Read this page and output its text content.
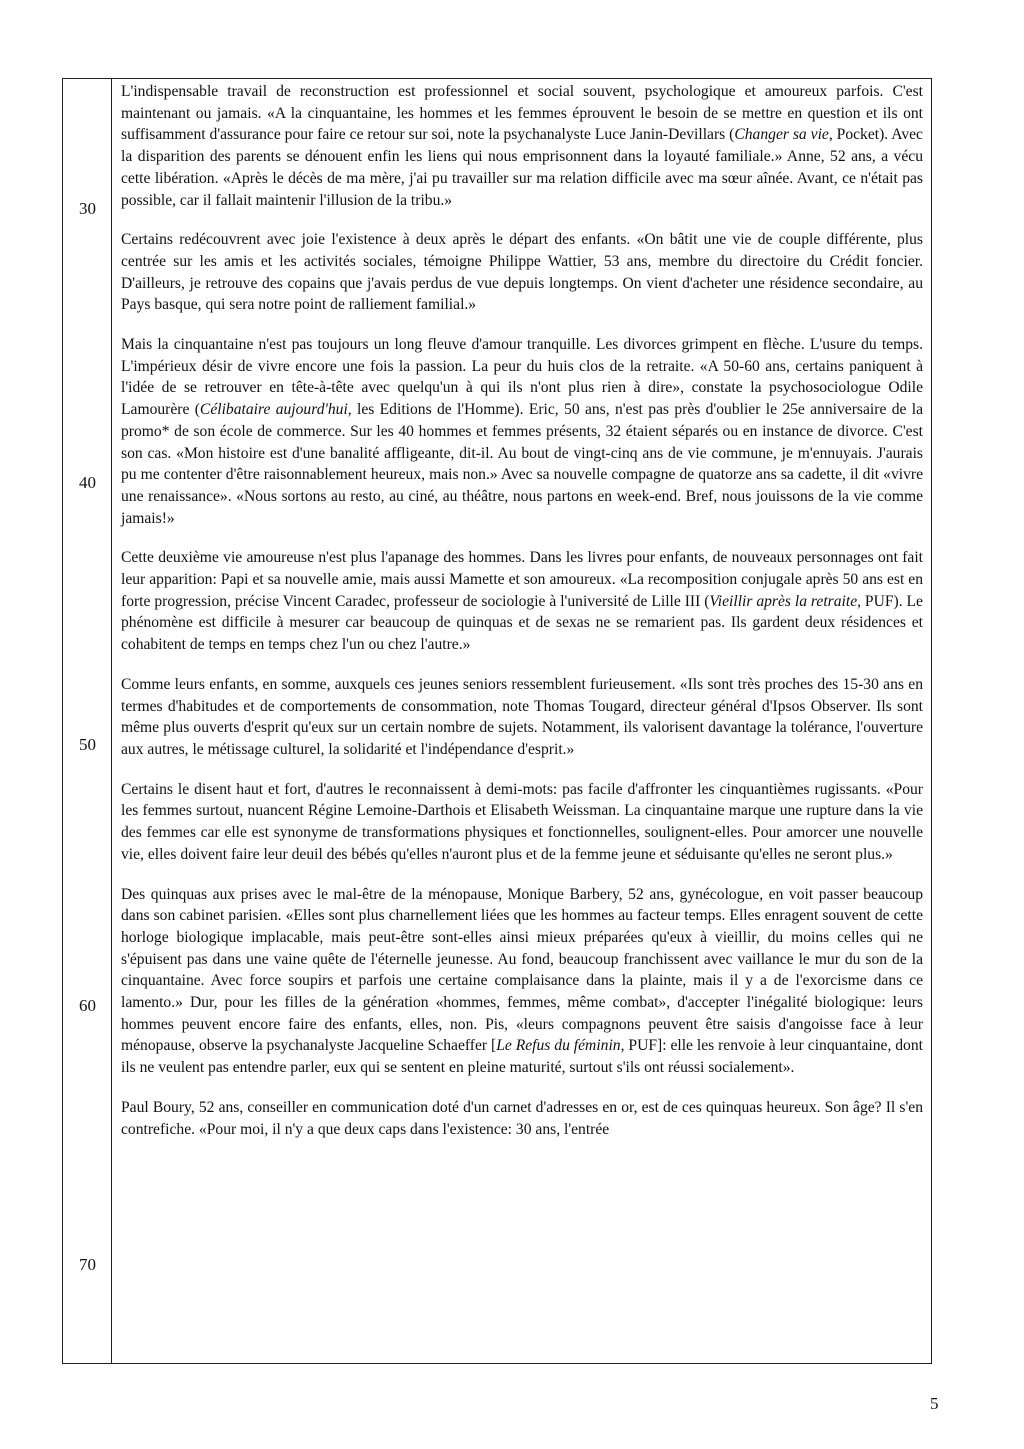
30
40
50
60
70

L'indispensable travail de reconstruction est professionnel et social souvent, psychologique et amoureux parfois. C'est maintenant ou jamais. «A la cinquantaine, les hommes et les femmes éprouvent le besoin de se mettre en question et ils ont suffisamment d'assurance pour faire ce retour sur soi, note la psychanalyste Luce Janin-Devillars (Changer sa vie, Pocket). Avec la disparition des parents se dénouent enfin les liens qui nous emprisonnent dans la loyauté familiale.» Anne, 52 ans, a vécu cette libération. «Après le décès de ma mère, j'ai pu travailler sur ma relation difficile avec ma sœur aînée. Avant, ce n'était pas possible, car il fallait maintenir l'illusion de la tribu.»

Certains redécouvrent avec joie l'existence à deux après le départ des enfants. «On bâtit une vie de couple différente, plus centrée sur les amis et les activités sociales, témoigne Philippe Wattier, 53 ans, membre du directoire du Crédit foncier. D'ailleurs, je retrouve des copains que j'avais perdus de vue depuis longtemps. On vient d'acheter une résidence secondaire, au Pays basque, qui sera notre point de ralliement familial.»

Mais la cinquantaine n'est pas toujours un long fleuve d'amour tranquille. Les divorces grimpent en flèche. L'usure du temps. L'impérieux désir de vivre encore une fois la passion. La peur du huis clos de la retraite. «A 50-60 ans, certains paniquent à l'idée de se retrouver en tête-à-tête avec quelqu'un à qui ils n'ont plus rien à dire», constate la psychosociologue Odile Lamourère (Célibataire aujourd'hui, les Editions de l'Homme). Eric, 50 ans, n'est pas près d'oublier le 25e anniversaire de la promo* de son école de commerce. Sur les 40 hommes et femmes présents, 32 étaient séparés ou en instance de divorce. C'est son cas. «Mon histoire est d'une banalité affligeante, dit-il. Au bout de vingt-cinq ans de vie commune, je m'ennuyais. J'aurais pu me contenter d'être raisonnablement heureux, mais non.» Avec sa nouvelle compagne de quatorze ans sa cadette, il dit «vivre une renaissance». «Nous sortons au resto, au ciné, au théâtre, nous partons en week-end. Bref, nous jouissons de la vie comme jamais!»

Cette deuxième vie amoureuse n'est plus l'apanage des hommes. Dans les livres pour enfants, de nouveaux personnages ont fait leur apparition: Papi et sa nouvelle amie, mais aussi Mamette et son amoureux. «La recomposition conjugale après 50 ans est en forte progression, précise Vincent Caradec, professeur de sociologie à l'université de Lille III (Vieillir après la retraite, PUF). Le phénomène est difficile à mesurer car beaucoup de quinquas et de sexas ne se remarient pas. Ils gardent deux résidences et cohabitent de temps en temps chez l'un ou chez l'autre.»

Comme leurs enfants, en somme, auxquels ces jeunes seniors ressemblent furieusement. «Ils sont très proches des 15-30 ans en termes d'habitudes et de comportements de consommation, note Thomas Tougard, directeur général d'Ipsos Observer. Ils sont même plus ouverts d'esprit qu'eux sur un certain nombre de sujets. Notamment, ils valorisent davantage la tolérance, l'ouverture aux autres, le métissage culturel, la solidarité et l'indépendance d'esprit.»

Certains le disent haut et fort, d'autres le reconnaissent à demi-mots: pas facile d'affronter les cinquantièmes rugissants. «Pour les femmes surtout, nuancent Régine Lemoine-Darthois et Elisabeth Weissman. La cinquantaine marque une rupture dans la vie des femmes car elle est synonyme de transformations physiques et fonctionnelles, soulignent-elles. Pour amorcer une nouvelle vie, elles doivent faire leur deuil des bébés qu'elles n'auront plus et de la femme jeune et séduisante qu'elles ne seront plus.»

Des quinquas aux prises avec le mal-être de la ménopause, Monique Barbery, 52 ans, gynécologue, en voit passer beaucoup dans son cabinet parisien. «Elles sont plus charnellement liées que les hommes au facteur temps. Elles enragent souvent de cette horloge biologique implacable, mais peut-être sont-elles ainsi mieux préparées qu'eux à vieillir, du moins celles qui ne s'épuisent pas dans une vaine quête de l'éternelle jeunesse. Au fond, beaucoup franchissent avec vaillance le mur du son de la cinquantaine. Avec force soupirs et parfois une certaine complaisance dans la plainte, mais il y a de l'exorcisme dans ce lamento.» Dur, pour les filles de la génération «hommes, femmes, même combat», d'accepter l'inégalité biologique: leurs hommes peuvent encore faire des enfants, elles, non. Pis, «leurs compagnons peuvent être saisis d'angoisse face à leur ménopause, observe la psychanalyste Jacqueline Schaeffer [Le Refus du féminin, PUF]: elle les renvoie à leur cinquantaine, dont ils ne veulent pas entendre parler, eux qui se sentent en pleine maturité, surtout s'ils ont réussi socialement».

Paul Boury, 52 ans, conseiller en communication doté d'un carnet d'adresses en or, est de ces quinquas heureux. Son âge? Il s'en contrefiche. «Pour moi, il n'y a que deux caps dans l'existence: 30 ans, l'entrée

5
